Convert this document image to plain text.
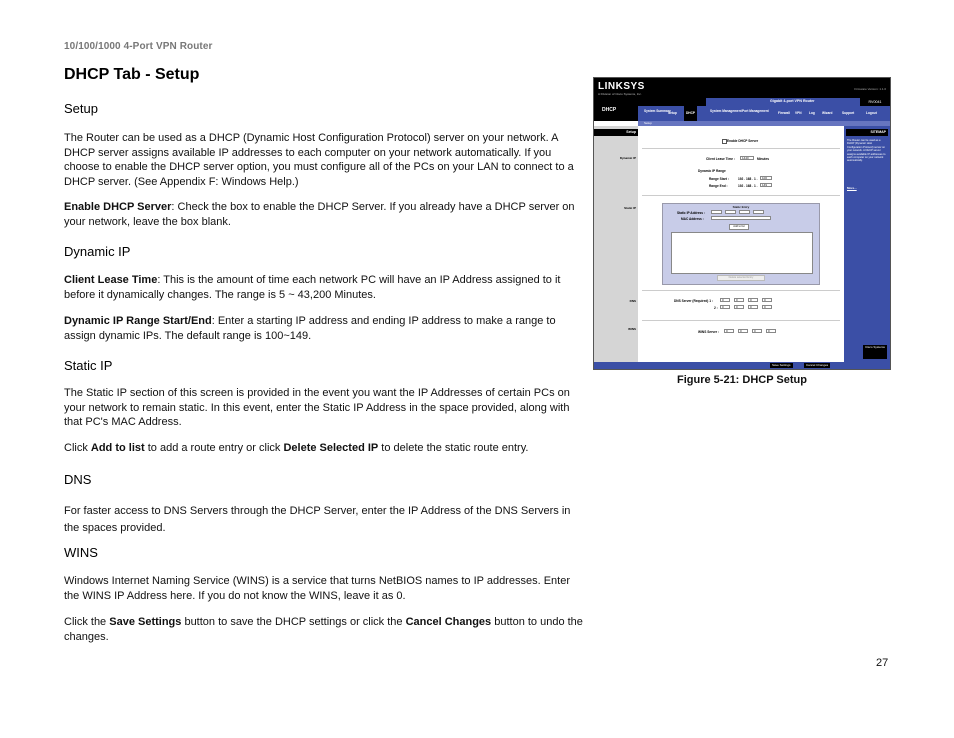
10/100/1000 4-Port VPN Router
DHCP Tab - Setup
Setup
The Router can be used as a DHCP (Dynamic Host Configuration Protocol) server on your network. A DHCP server assigns available IP addresses to each computer on your network automatically. If you choose to enable the DHCP server option, you must configure all of the PCs on your LAN to connect to a DHCP server. (See Appendix F: Windows Help.)
Enable DHCP Server: Check the box to enable the DHCP Server. If you already have a DHCP server on your network, leave the box blank.
Dynamic IP
Client Lease Time: This is the amount of time each network PC will have an IP Address assigned to it before it dynamically changes. The range is 5 ~ 43,200 Minutes.
Dynamic IP Range Start/End: Enter a starting IP address and ending IP address to make a range to assign dynamic IPs. The default range is 100~149.
Static IP
The Static IP section of this screen is provided in the event you want the IP Addresses of certain PCs on your network to remain static. In this event, enter the Static IP Address in the space provided, along with that PC's MAC Address.
Click Add to list to add a route entry or click Delete Selected IP to delete the static route entry.
DNS
For faster access to DNS Servers through the DHCP Server, enter the IP Address of the DNS Servers in the spaces provided.
WINS
Windows Internet Naming Service (WINS) is a service that turns NetBIOS names to IP addresses. Enter the WINS IP Address here. If you do not know the WINS, leave it as 0.
Click the Save Settings button to save the DHCP settings or click the Cancel Changes button to undo the changes.
LINKSYS
A Division of Cisco Systems, Inc.
Firmware Version: 1.1.0
Gigabit 4-port VPN Router	RV0041
DHCP	System Summary
Setup	DHCP	System Management Port Management	Firewall VPN Log Wizard	Support	Logout
Setup
Setup
Dynamic IP
Static IP
DNS
WINS
Enable DHCP Server
Client Lease Time :	1440	Minutes
Dynamic IP Range
Range Start :	192 . 168 . 1 .	100
Range End :	192 . 168 . 1 .	149
Static Entry
Static IP Address :
MAC Address :
Add to list
Delete selected Entry
DNS Server (Required) 1 :	0	0	0	0
2 :	0	0	0	0
WINS Server :	0	0	0	0
SITEMAP
The Router can be used as a DHCP (Dynamic Host Configuration Protocol) server on your network. A DHCP server assigns available IP addresses to each computer on your network automatically.
More...
Cisco Systems
Save Settings	Cancel Changes
Figure 5-21: DHCP Setup
27
